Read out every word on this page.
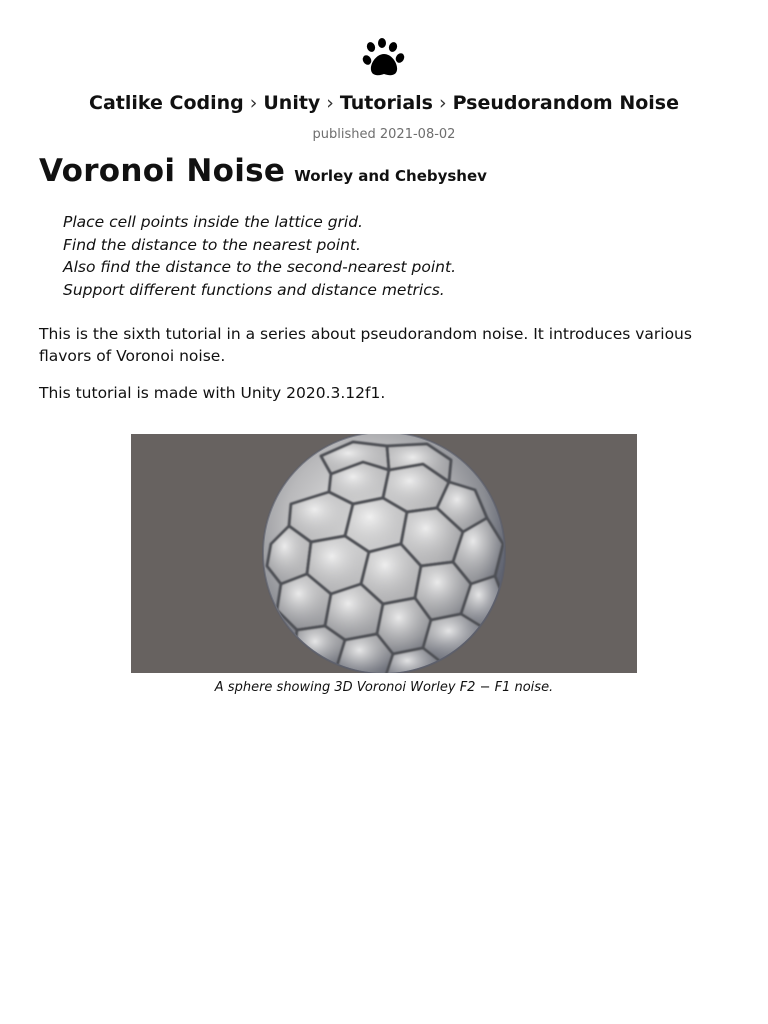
Catlike Coding › Unity › Tutorials › Pseudorandom Noise
published 2021-08-02
Voronoi Noise Worley and Chebyshev
Place cell points inside the lattice grid.
Find the distance to the nearest point.
Also find the distance to the second-nearest point.
Support different functions and distance metrics.

This is the sixth tutorial in a series about pseudorandom noise. It introduces various flavors of Voronoi noise.

This tutorial is made with Unity 2020.3.12f1.

A sphere showing 3D Voronoi Worley F2 − F1 noise.
